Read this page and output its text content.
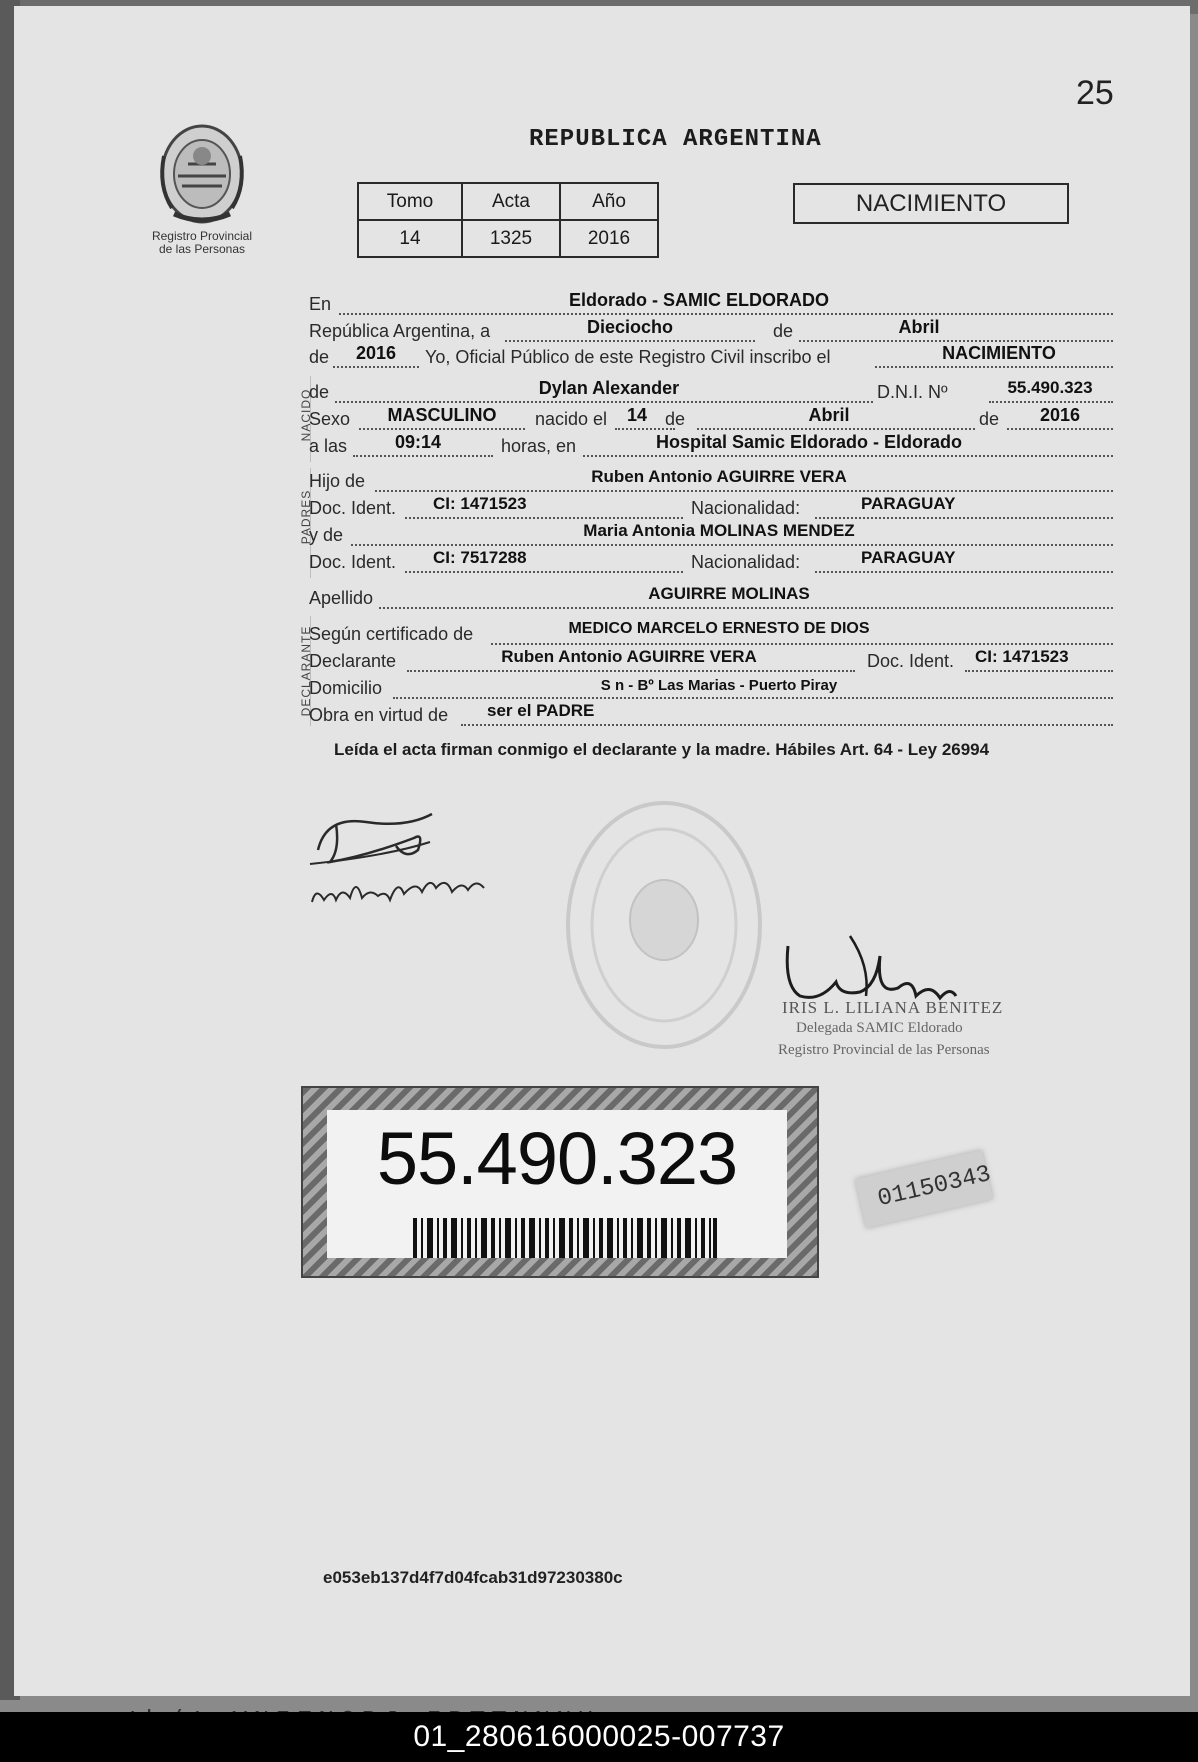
25
Registro Provincial
de las Personas
REPUBLICA ARGENTINA
Tomo	Acta	Año
14	1325	2016
NACIMIENTO
En	Eldorado - SAMIC ELDORADO
República Argentina, a	Dieciocho	de	Abril
de	2016	Yo, Oficial Público de este Registro Civil inscribo el	NACIMIENTO
NACIDO
de	Dylan Alexander	D.N.I. Nº	55.490.323
Sexo	MASCULINO	nacido el	14 de	Abril	de	2016
a las	09:14	horas, en	Hospital Samic Eldorado - Eldorado
PADRES
Hijo de	Ruben Antonio AGUIRRE VERA
Doc. Ident. CI: 1471523	Nacionalidad:	PARAGUAY
y de	Maria Antonia MOLINAS MENDEZ
Doc. Ident. CI: 7517288	Nacionalidad:	PARAGUAY
Apellido	AGUIRRE MOLINAS
DECLARANTE
Según certificado de	MEDICO MARCELO ERNESTO DE DIOS
Declarante	Ruben Antonio AGUIRRE VERA	Doc. Ident. CI: 1471523
Domicilio	S n - Bº Las Marias - Puerto Piray
Obra en virtud de ser el PADRE
Leída el acta firman conmigo el declarante y la madre. Hábiles Art. 64 - Ley 26994
IRIS L. LILIANA BENITEZ
Delegada SAMIC Eldorado
Registro Provincial de las Personas
55.490.323	01150343
e053eb137d4f7d04fcab31d97230380c
01_280616000025-007737
